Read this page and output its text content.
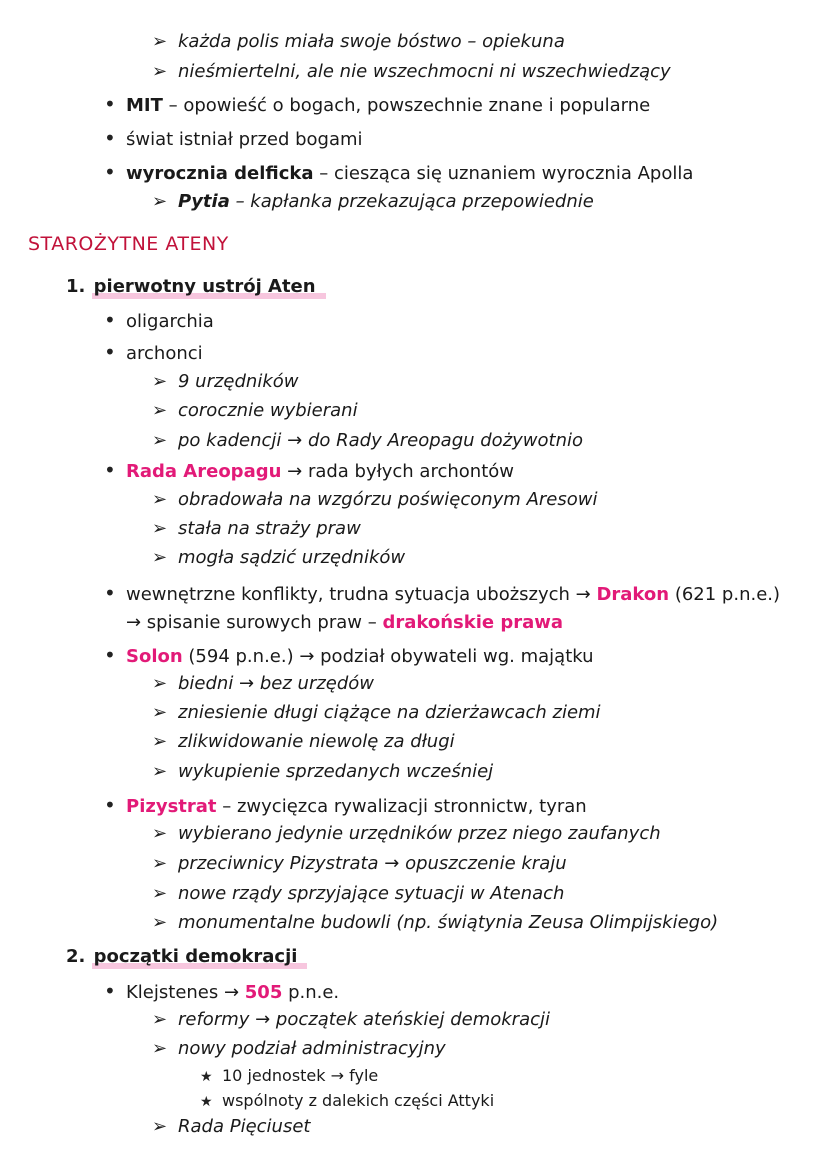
➢ każda polis miała swoje bóstwo – opiekuna
➢ nieśmiertelni, ale nie wszechmocni ni wszechwiedzący
• MIT – opowieść o bogach, powszechnie znane i popularne
• świat istniał przed bogami
• wyrocznia delficka – ciesząca się uznaniem wyrocznia Apolla
➢ Pytia – kapłanka przekazująca przepowiednie
STAROŻYTNE ATENY
1. pierwotny ustrój Aten
• oligarchia
• archonci
➢ 9 urzędników
➢ corocznie wybierani
➢ po kadencji → do Rady Areopagu dożywotnio
• Rada Areopagu → rada byłych archontów
➢ obradowała na wzgórzu poświęconym Aresowi
➢ stała na straży praw
➢ mogła sądzić urzędników
• wewnętrzne konflikty, trudna sytuacja uboższych → Drakon (621 p.n.e.)
→ spisanie surowych praw – drakońskie prawa
• Solon (594 p.n.e.) → podział obywateli wg. majątku
➢ biedni → bez urzędów
➢ zniesienie długi ciążące na dzierżawcach ziemi
➢ zlikwidowanie niewolę za długi
➢ wykupienie sprzedanych wcześniej
• Pizystrat – zwycięzca rywalizacji stronnictw, tyran
➢ wybierano jedynie urzędników przez niego zaufanych
➢ przeciwnicy Pizystrata → opuszczenie kraju
➢ nowe rządy sprzyjające sytuacji w Atenach
➢ monumentalne budowli (np. świątynia Zeusa Olimpijskiego)
2. początki demokracji
• Klejstenes → 505 p.n.e.
➢ reformy → początek ateńskiej demokracji
➢ nowy podział administracyjny
★ 10 jednostek → fyle
★ wspólnoty z dalekich części Attyki
➢ Rada Pięciuset
